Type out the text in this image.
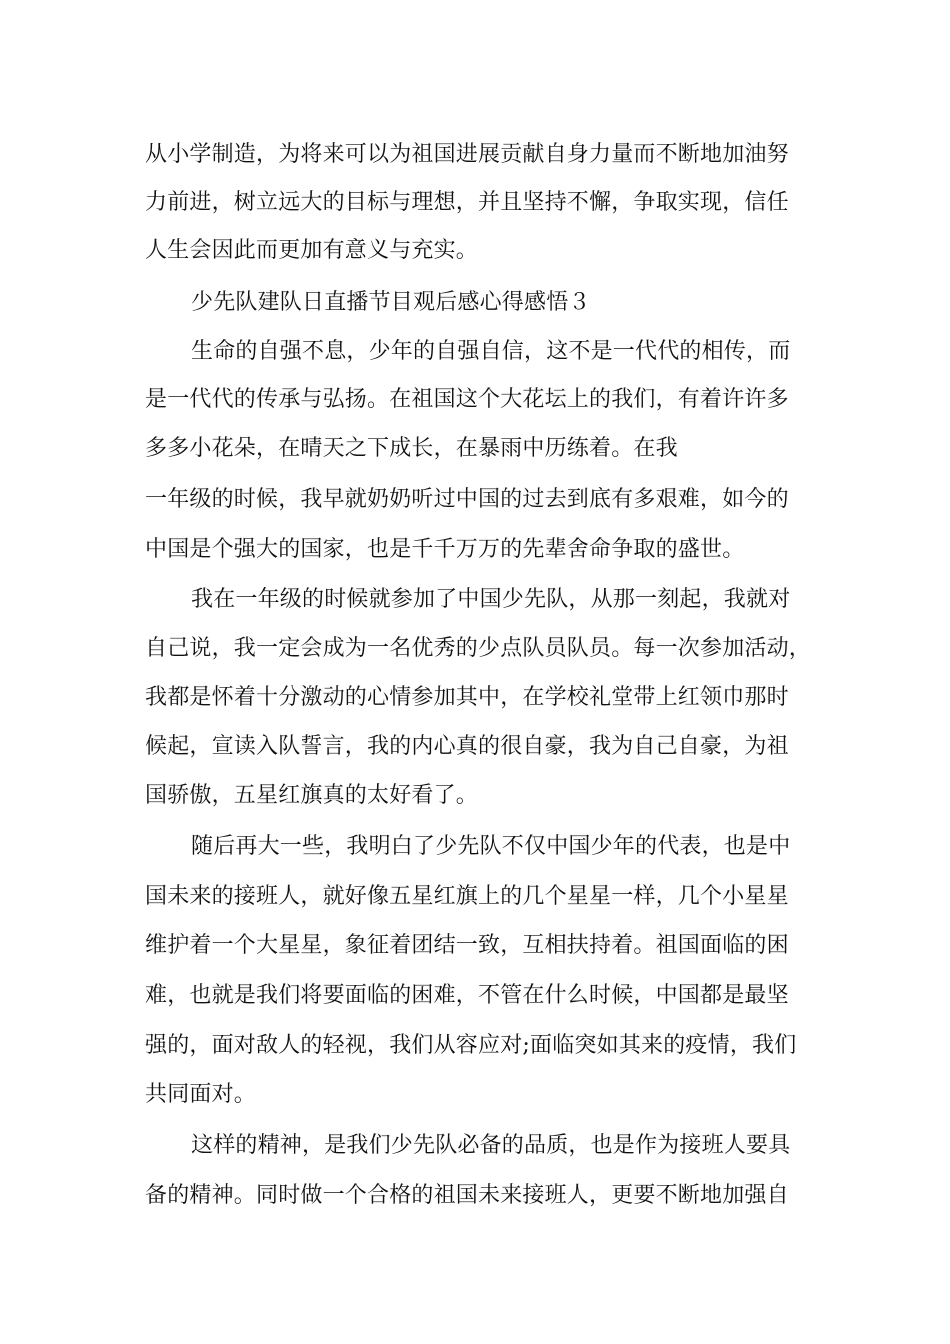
从小学制造，为将来可以为祖国进展贡献自身力量而不断地加油努
力前进，树立远大的目标与理想，并且坚持不懈，争取实现，信任
人生会因此而更加有意义与充实。
少先队建队日直播节目观后感心得感悟３
生命的自强不息，少年的自强自信，这不是一代代的相传，而
是一代代的传承与弘扬。在祖国这个大花坛上的我们，有着许许多
多多小花朵，在晴天之下成长，在暴雨中历练着。在我
一年级的时候，我早就奶奶听过中国的过去到底有多艰难，如今的
中国是个强大的国家，也是千千万万的先辈舍命争取的盛世。
我在一年级的时候就参加了中国少先队，从那一刻起，我就对
自己说，我一定会成为一名优秀的少点队员队员。每一次参加活动，
我都是怀着十分激动的心情参加其中，在学校礼堂带上红领巾那时
候起，宣读入队誓言，我的内心真的很自豪，我为自己自豪，为祖
国骄傲，五星红旗真的太好看了。
随后再大一些，我明白了少先队不仅中国少年的代表，也是中
国未来的接班人，就好像五星红旗上的几个星星一样，几个小星星
维护着一个大星星，象征着团结一致，互相扶持着。祖国面临的困
难，也就是我们将要面临的困难，不管在什么时候，中国都是最坚
强的，面对敌人的轻视，我们从容应对;面临突如其来的疫情，我们
共同面对。
这样的精神，是我们少先队必备的品质，也是作为接班人要具
备的精神。同时做一个合格的祖国未来接班人，更要不断地加强自
